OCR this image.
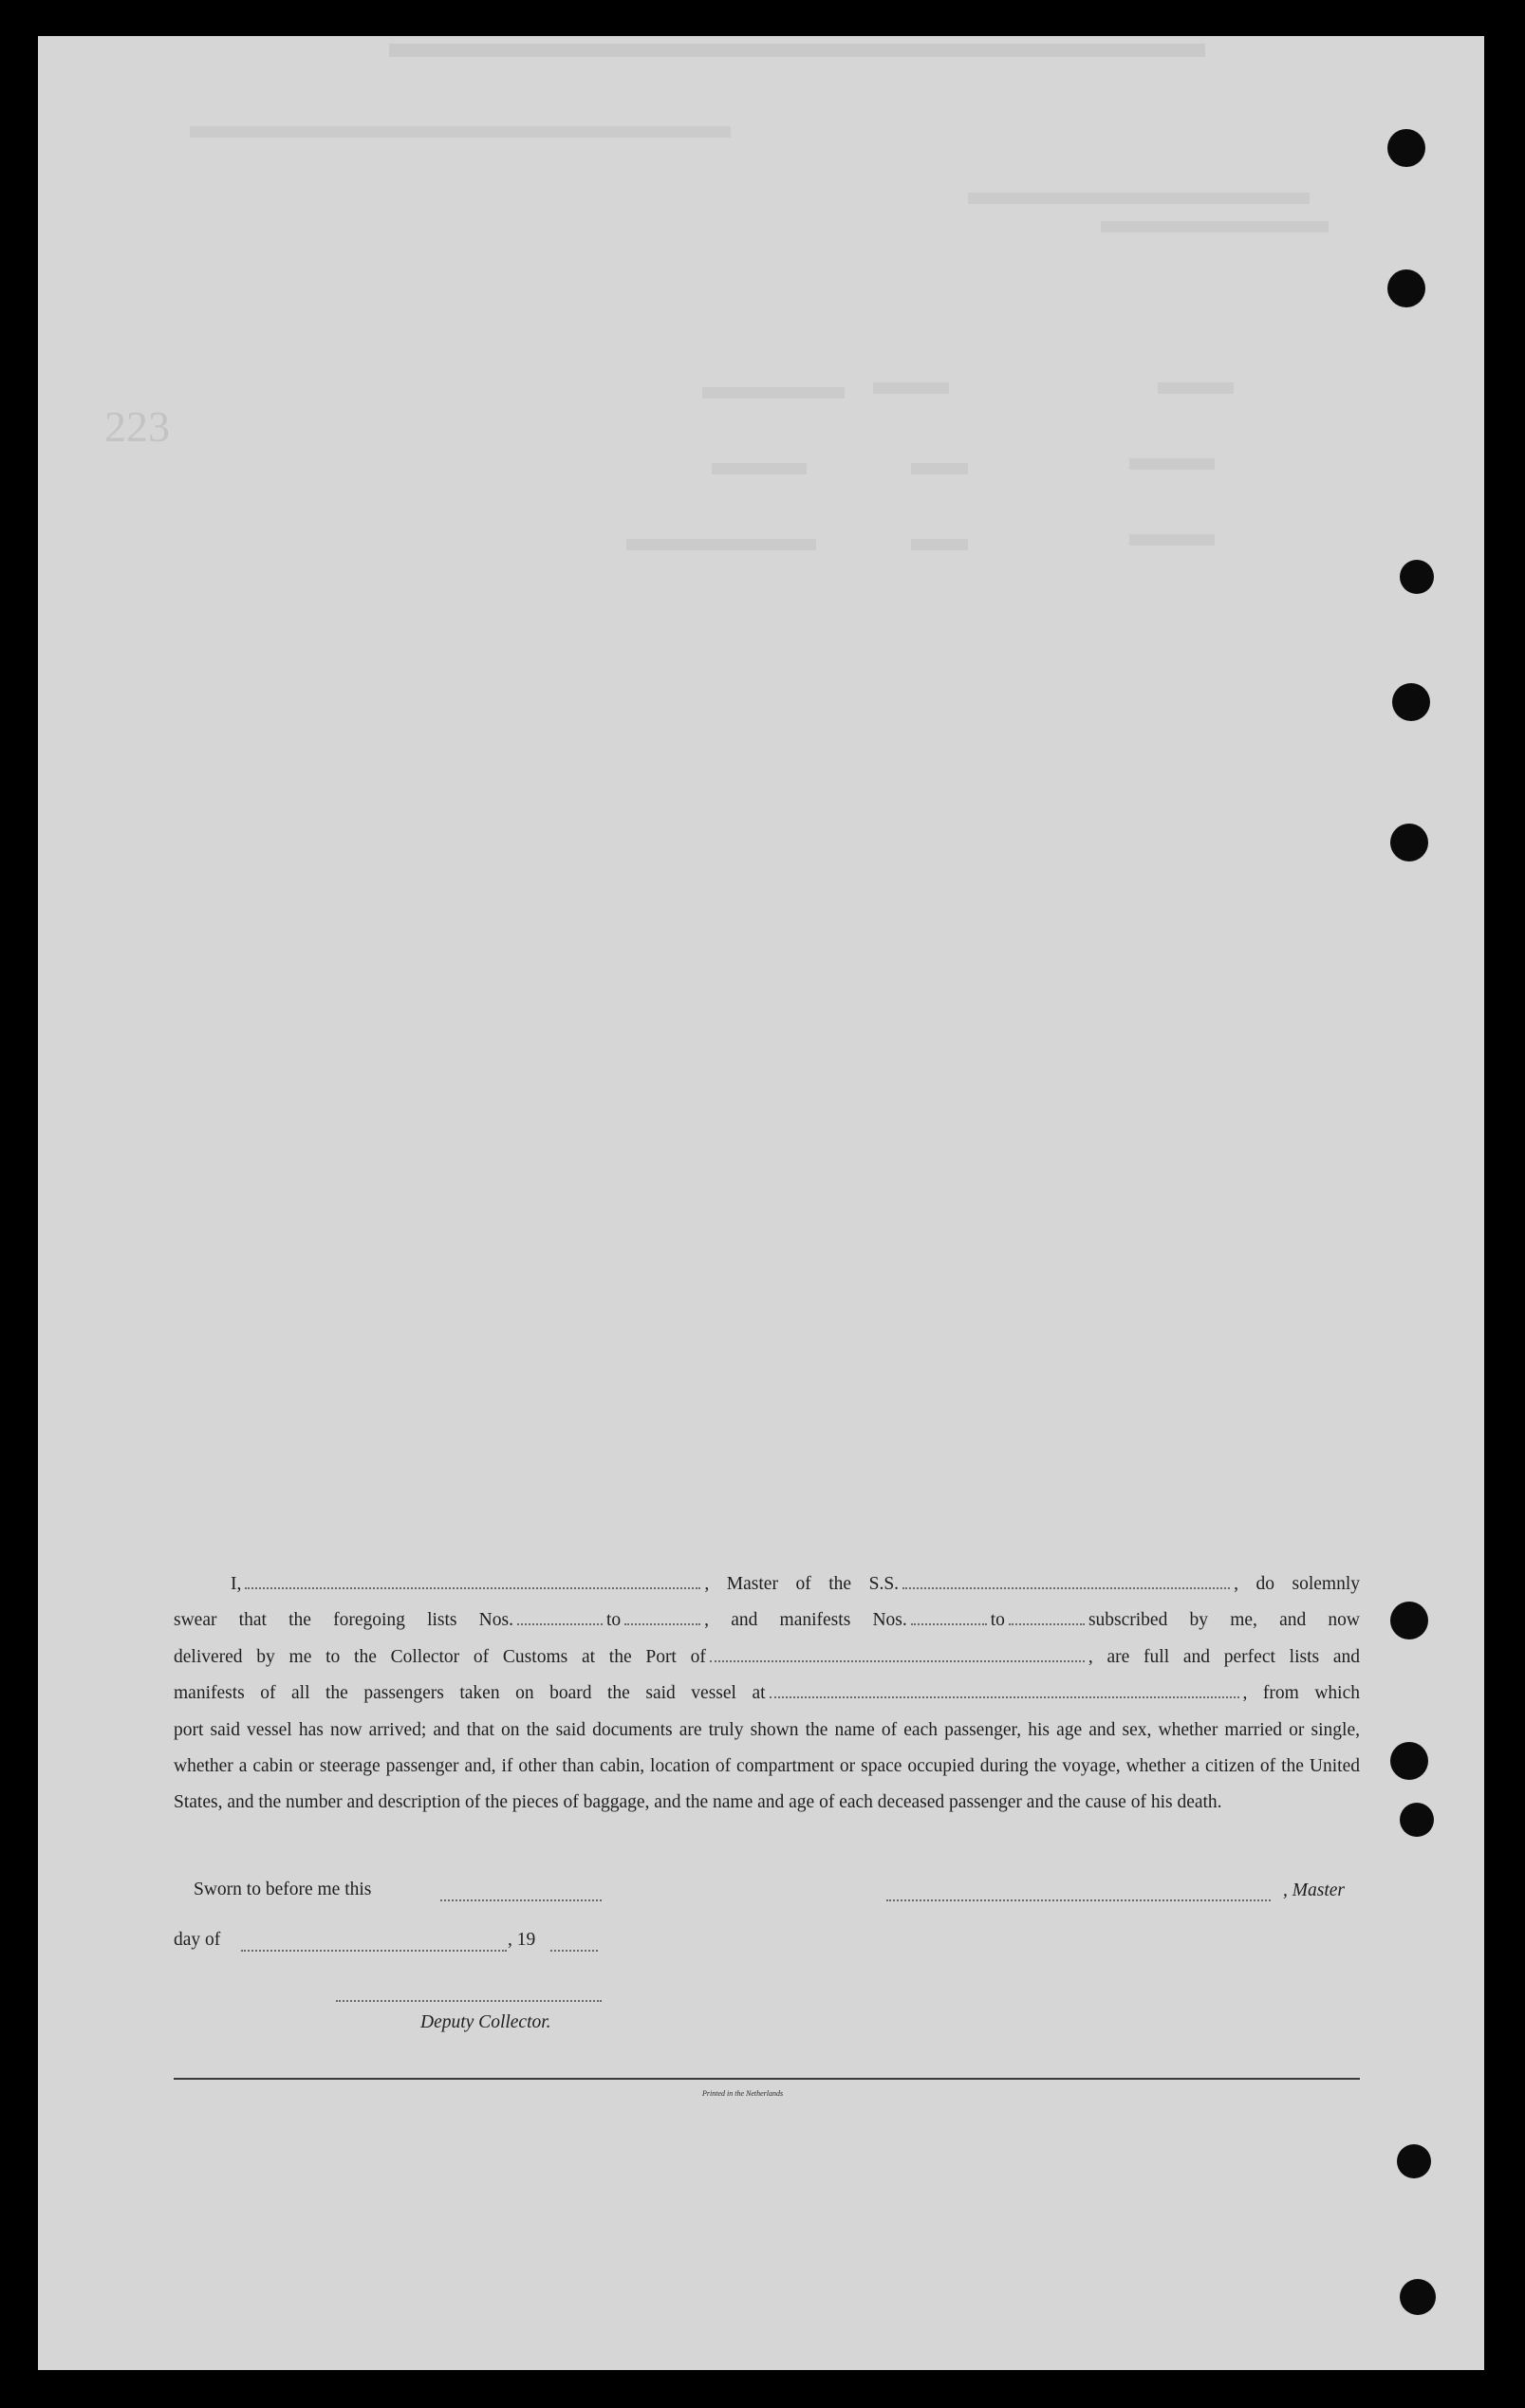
223

I,	, Master of the S.S.	, do solemnly

swear that the foregoing lists Nos.	to	, and manifests Nos.	to	subscribed by me, and now

delivered by me to the Collector of Customs at the Port of	, are full and perfect lists and

manifests of all the passengers taken on board the said vessel at	, from which

port said vessel has now arrived; and that on the said documents are truly shown the name of each passenger, his age and sex, whether married or single, whether a cabin or steerage passenger and, if other than cabin, location of compartment or space occupied during the voyage, whether a citizen of the United States, and the number and description of the pieces of baggage, and the name and age of each deceased passenger and the cause of his death.

Sworn to before me this	, Master
day of	, 19
Deputy Collector.
Printed in the Netherlands
